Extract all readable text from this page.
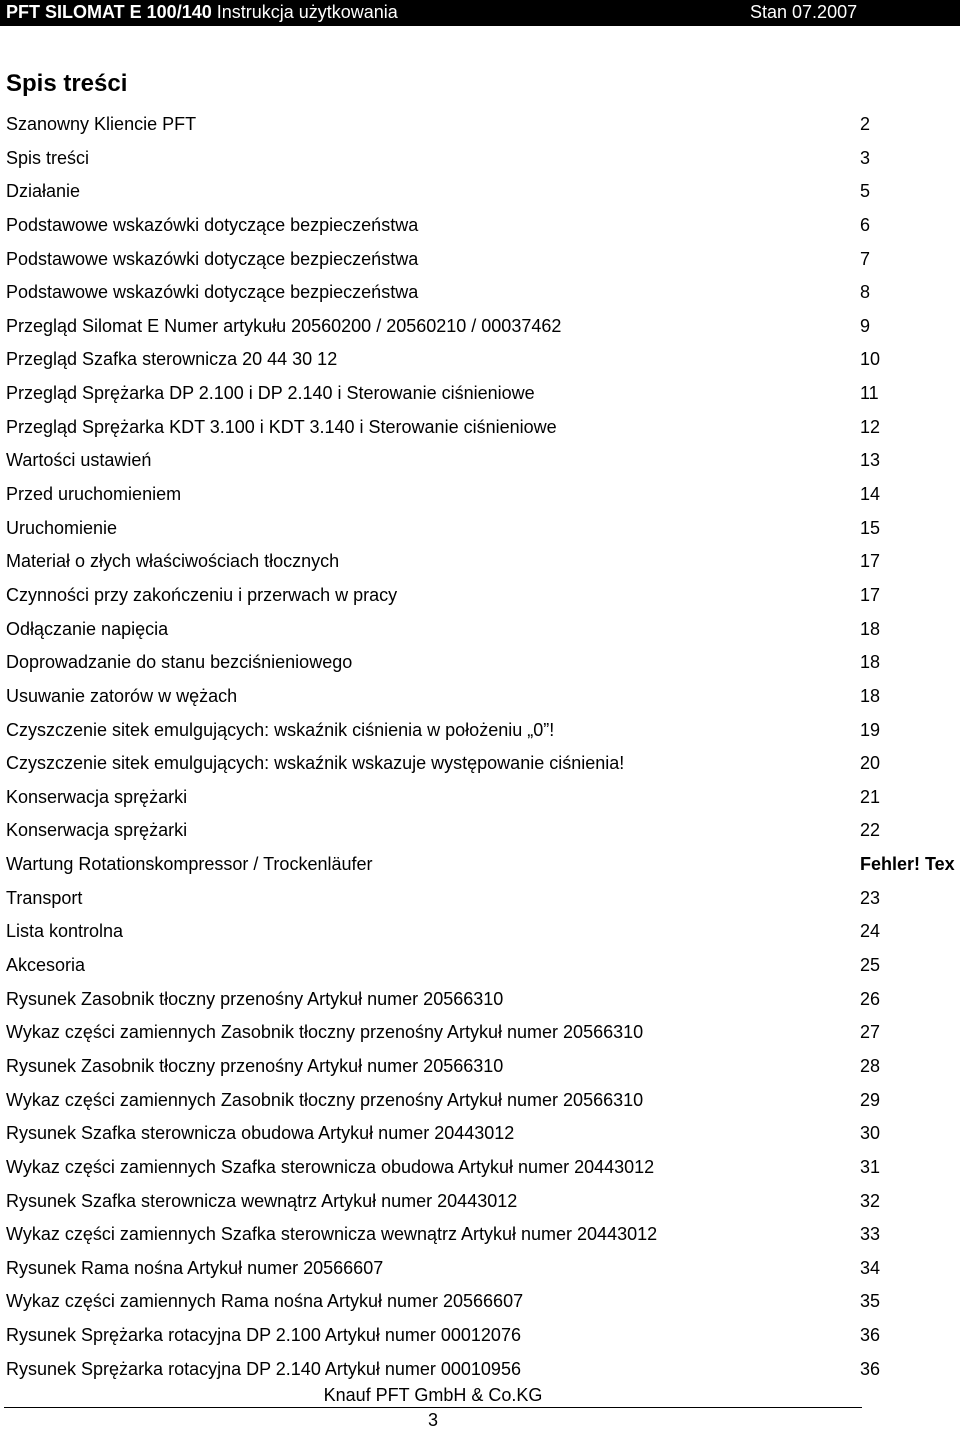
PFT SILOMAT E 100/140 Instrukcja użytkowania	Stan 07.2007
Spis treści
Szanowny Kliencie PFT	2
Spis treści	3
Działanie	5
Podstawowe wskazówki dotyczące bezpieczeństwa	6
Podstawowe wskazówki dotyczące bezpieczeństwa	7
Podstawowe wskazówki dotyczące bezpieczeństwa	8
Przegląd Silomat E Numer artykułu 20560200 / 20560210 / 00037462	9
Przegląd Szafka sterownicza 20 44 30 12	10
Przegląd Sprężarka DP 2.100 i DP 2.140 i Sterowanie ciśnieniowe	11
Przegląd Sprężarka KDT 3.100 i KDT 3.140 i Sterowanie ciśnieniowe	12
Wartości ustawień	13
Przed uruchomieniem	14
Uruchomienie	15
Materiał o złych właściwościach tłocznych	17
Czynności przy zakończeniu i przerwach w pracy	17
Odłączanie napięcia	18
Doprowadzanie do stanu bezciśnieniowego	18
Usuwanie zatorów w wężach	18
Czyszczenie sitek emulgujących: wskaźnik ciśnienia w położeniu „0”!	19
Czyszczenie sitek emulgujących: wskaźnik wskazuje występowanie ciśnienia!	20
Konserwacja sprężarki	21
Konserwacja sprężarki	22
Wartung Rotationskompressor / Trockenläufer	Fehler! Tex
Transport	23
Lista kontrolna	24
Akcesoria	25
Rysunek Zasobnik tłoczny przenośny Artykuł numer 20566310	26
Wykaz części zamiennych Zasobnik tłoczny przenośny Artykuł numer 20566310	27
Rysunek Zasobnik tłoczny przenośny Artykuł numer 20566310	28
Wykaz części zamiennych Zasobnik tłoczny przenośny Artykuł numer 20566310	29
Rysunek Szafka sterownicza obudowa Artykuł numer 20443012	30
Wykaz części zamiennych Szafka sterownicza obudowa Artykuł numer 20443012	31
Rysunek Szafka sterownicza wewnątrz Artykuł numer 20443012	32
Wykaz części zamiennych Szafka sterownicza wewnątrz Artykuł numer 20443012	33
Rysunek Rama nośna Artykuł numer 20566607	34
Wykaz części zamiennych Rama nośna Artykuł numer 20566607	35
Rysunek Sprężarka rotacyjna DP 2.100 Artykuł numer 00012076	36
Rysunek Sprężarka rotacyjna DP 2.140 Artykuł numer 00010956	36
Knauf PFT GmbH & Co.KG
3
